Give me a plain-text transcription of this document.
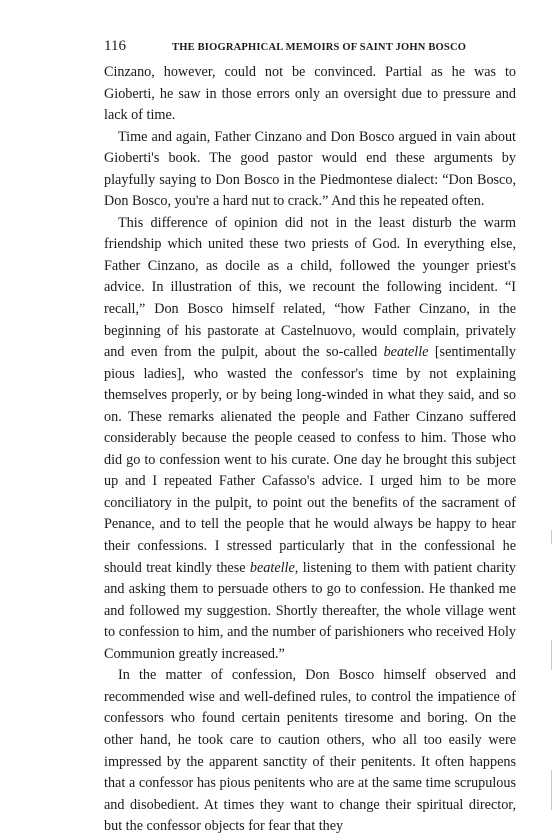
116	THE BIOGRAPHICAL MEMOIRS OF SAINT JOHN BOSCO

Cinzano, however, could not be convinced. Partial as he was to Gioberti, he saw in those errors only an oversight due to pressure and lack of time.

Time and again, Father Cinzano and Don Bosco argued in vain about Gioberti's book. The good pastor would end these arguments by playfully saying to Don Bosco in the Piedmontese dialect: “Don Bosco, Don Bosco, you're a hard nut to crack.” And this he repeated often.

This difference of opinion did not in the least disturb the warm friendship which united these two priests of God. In everything else, Father Cinzano, as docile as a child, followed the younger priest's advice. In illustration of this, we recount the following incident. “I recall,” Don Bosco himself related, “how Father Cinzano, in the beginning of his pastorate at Castelnuovo, would complain, privately and even from the pulpit, about the so-called beatelle [sentimentally pious ladies], who wasted the confessor's time by not explaining themselves properly, or by being long-winded in what they said, and so on. These remarks alienated the people and Father Cinzano suffered considerably because the people ceased to confess to him. Those who did go to confession went to his curate. One day he brought this subject up and I repeated Father Cafasso's advice. I urged him to be more conciliatory in the pulpit, to point out the benefits of the sacrament of Penance, and to tell the people that he would always be happy to hear their confessions. I stressed particularly that in the confessional he should treat kindly these beatelle, listening to them with patient charity and asking them to persuade others to go to confession. He thanked me and followed my suggestion. Shortly thereafter, the whole village went to confession to him, and the number of parishioners who received Holy Communion greatly increased.”

In the matter of confession, Don Bosco himself observed and recommended wise and well-defined rules, to control the impatience of confessors who found certain penitents tiresome and boring. On the other hand, he took care to caution others, who all too easily were impressed by the apparent sanctity of their penitents. It often happens that a confessor has pious penitents who are at the same time scrupulous and disobedient. At times they want to change their spiritual director, but the confessor objects for fear that they
